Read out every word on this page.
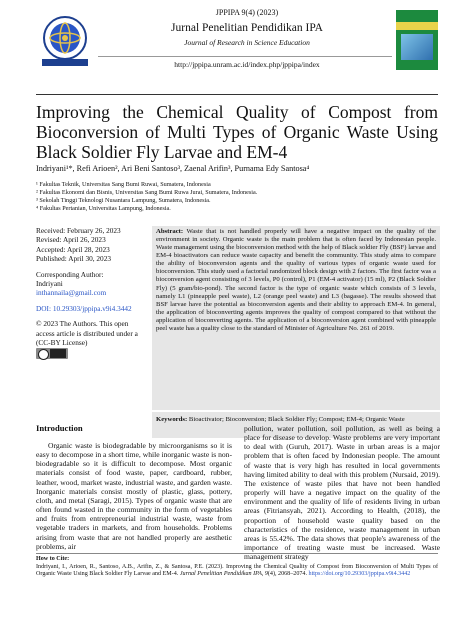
JPPIPA 9(4) (2023)
Jurnal Penelitian Pendidikan IPA
Journal of Research in Science Education
http://jppipa.unram.ac.id/index.php/jppipa/index
Improving the Chemical Quality of Compost from Bioconversion of Multi Types of Organic Waste Using Black Soldier Fly Larvae and EM-4
Indriyani¹*, Refi Arioen², Ari Beni Santoso³, Zaenal Arifin³, Purnama Edy Santosa⁴
¹ Fakultas Teknik, Universitas Sang Bumi Ruwai, Sumatera, Indonesia
² Fakultas Ekonomi dan Bisnis, Universitas Sang Bumi Ruwa Jurai, Sumatera, Indonesia.
³ Sekolah Tinggi Teknologi Nusantara Lampung, Sumatera, Indonesia.
⁴ Fakultas Pertanian, Universitas Lampung, Indonesia.
Received: February 26, 2023
Revised: April 26, 2023
Accepted: April 28, 2023
Published: April 30, 2023
Corresponding Author:
Indriyani
inthannaila@gmail.com
DOI: 10.29303/jppipa.v9i4.3442
© 2023 The Authors. This open access article is distributed under a (CC-BY License)
Abstract: Waste that is not handled properly will have a negative impact on the quality of the environment in society. Organic waste is the main problem that is often faced by Indonesian people. Waste management using the bioconversion method with the help of Black soldier Fly (BSF) larvae and EM-4 bioactivators can reduce waste capacity and benefit the community. This study aims to compare the ability of bioconversion agents and the quality of various types of organic waste used for bioconversion. This study used a factorial randomized block design with 2 factors. The first factor was a bioconversion agent consisting of 3 levels, P0 (control), P1 (EM-4 activator) (15 ml), P2 (Black Soldier Fly) (5 gram/bio-pond). The second factor is the type of organic waste which consists of 3 levels, namely L1 (pineapple peel waste), L2 (orange peel waste) and L3 (bagasse). The results showed that BSF larvae have the potential as bioconversion agents and their ability to approach EM-4. In general, the application of bioconverting agents improves the quality of compost compared to that without the application of bioconverting agents. The application of a bioconversion agent combined with pineapple peel waste has a quality close to the standard of Minister of Agriculture No. 261 of 2019.
Keywords: Bioactivator; Bioconversion; Black Soldier Fly; Compost; EM-4; Organic Waste
Introduction

Organic waste is biodegradable by microorganisms so it is easy to decompose in a short time, while inorganic waste is non-biodegradable so it is difficult to decompose. Most organic materials consist of food waste, paper, cardboard, rubber, leather, wood, market waste, industrial waste, and garden waste. Inorganic materials consist mostly of plastic, glass, pottery, cloth, and metal (Saragi, 2015). Types of organic waste that are often found wasted in the community in the form of vegetables and fruits from entrepreneurial industrial waste, waste from vegetable traders in markets, and from households. Problems arising from waste that are not handled properly are aesthetic problems, air

pollution, water pollution, soil pollution, as well as being a place for disease to develop. Waste problems are very important to deal with (Guruh, 2017). Waste in urban areas is a major problem that is often faced by Indonesian people. The amount of waste that is very high has resulted in local governments having limited ability to deal with this problem (Nursaid, 2019). The existence of waste piles that have not been handled properly will have a negative impact on the quality of the environment and the quality of life of residents living in urban areas (Fitriansyah, 2021). According to Health, (2018), the proportion of household waste quality based on the characteristics of the residence, waste management in urban areas is 55.42%. The data shows that people's awareness of the importance of treating waste must be increased. Waste management strategy

How to Cite:
Indriyani, I., Arioen, R., Santoso, A.B., Arifin, Z., & Santosa, P.E. (2023). Improving the Chemical Quality of Compost from Bioconversion of Multi Types of Organic Waste Using Black Soldier Fly Larvae and EM-4. Jurnal Penelitian Pendidikan IPA, 9(4), 2068–2074. https://doi.org/10.29303/jppipa.v9i4.3442
